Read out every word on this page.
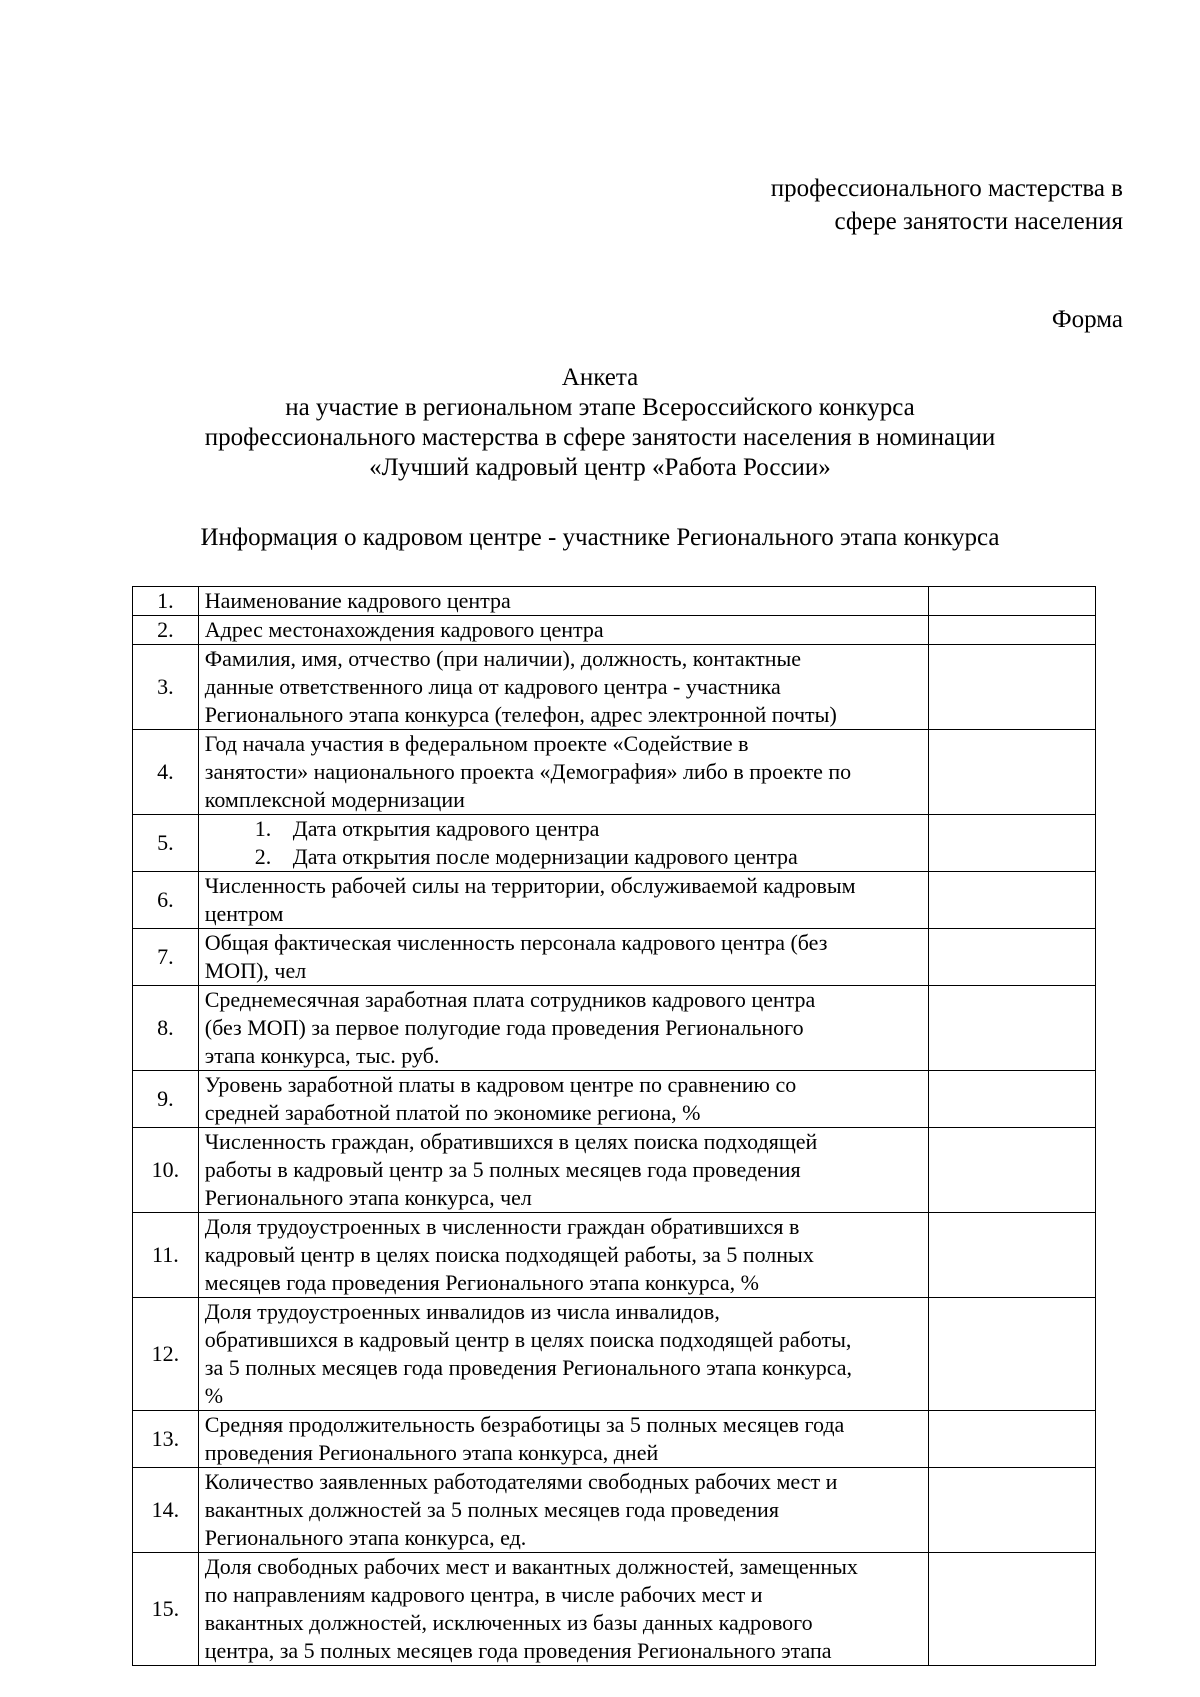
профессионального мастерства в
сфере занятости населения
Форма
Анкета
на участие в региональном этапе Всероссийского конкурса
профессионального мастерства в сфере занятости населения в номинации
«Лучший кадровый центр «Работа России»
Информация о кадровом центре - участнике Регионального этапа конкурса
1.	Наименование кадрового центра	

2.	Адрес местонахождения кадрового центра	

3.	Фамилия, имя, отчество (при наличии), должность, контактные
данные ответственного лица от кадрового центра - участника
Регионального этапа конкурса (телефон, адрес электронной почты)	

4.	Год начала участия в федеральном проекте «Содействие в
занятости» национального проекта «Демография» либо в проекте по
комплексной модернизации	

5.	1. Дата открытия кадрового центра
2. Дата открытия после модернизации кадрового центра	

6.	Численность рабочей силы на территории, обслуживаемой кадровым
центром	

7.	Общая фактическая численность персонала кадрового центра (без
МОП), чел	

8.	Среднемесячная заработная плата сотрудников кадрового центра
(без МОП) за первое полугодие года проведения Регионального
этапа конкурса, тыс. руб.	

9.	Уровень заработной платы в кадровом центре по сравнению со
средней заработной платой по экономике региона, %	

10.	Численность граждан, обратившихся в целях поиска подходящей
работы в кадровый центр за 5 полных месяцев года проведения
Регионального этапа конкурса, чел	

11.	Доля трудоустроенных в численности граждан обратившихся в
кадровый центр в целях поиска подходящей работы, за 5 полных
месяцев года проведения Регионального этапа конкурса, %	

12.	Доля трудоустроенных инвалидов из числа инвалидов,
обратившихся в кадровый центр в целях поиска подходящей работы,
за 5 полных месяцев года проведения Регионального этапа конкурса,
%	

13.	Средняя продолжительность безработицы за 5 полных месяцев года
проведения Регионального этапа конкурса, дней	

14.	Количество заявленных работодателями свободных рабочих мест и
вакантных должностей за 5 полных месяцев года проведения
Регионального этапа конкурса, ед.	

15.	Доля свободных рабочих мест и вакантных должностей, замещенных
по направлениям кадрового центра, в числе рабочих мест и
вакантных должностей, исключенных из базы данных кадрового
центра, за 5 полных месяцев года проведения Регионального этапа	
